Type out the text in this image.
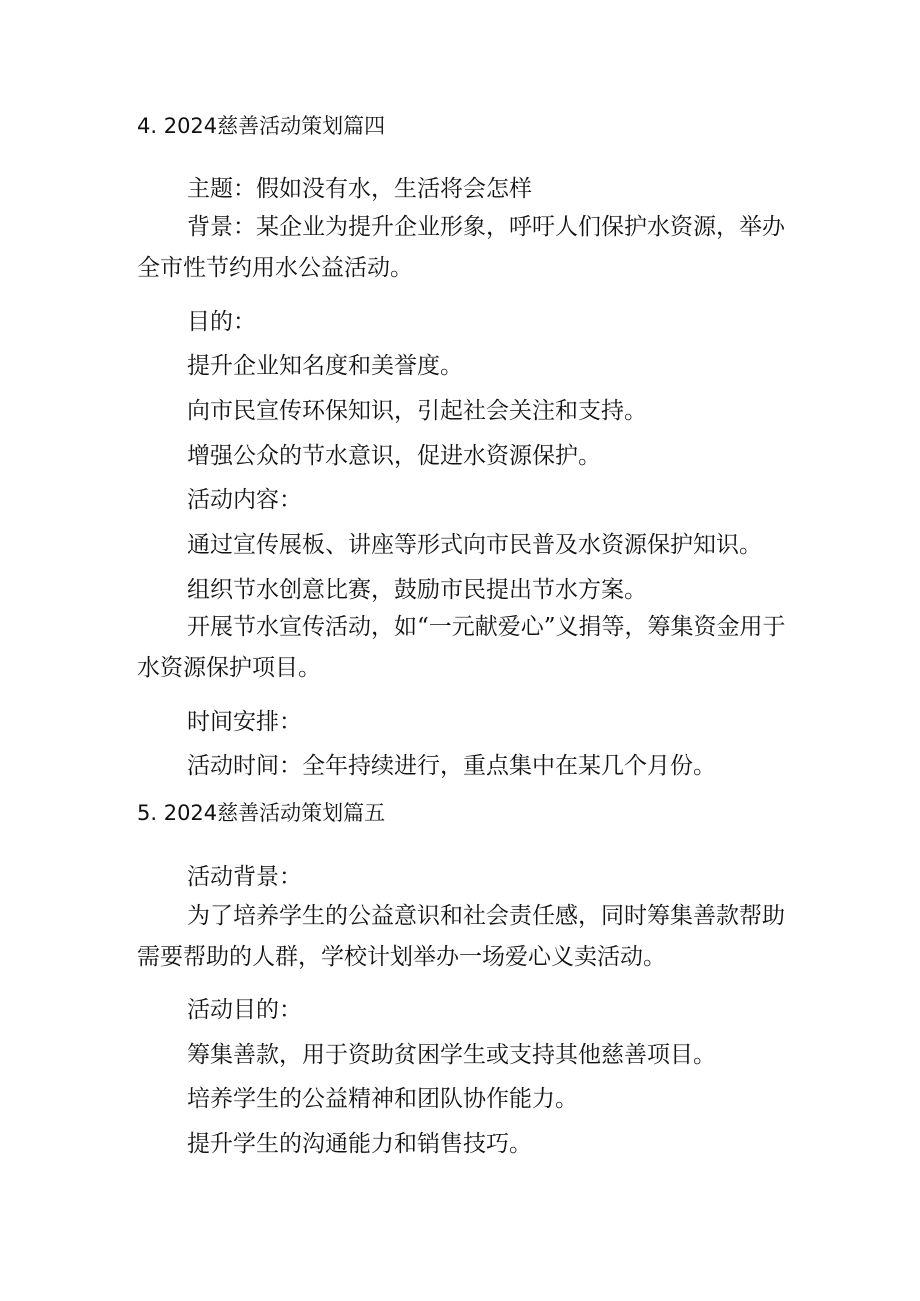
4. 2024慈善活动策划篇四
主题：假如没有水，生活将会怎样
背景：某企业为提升企业形象，呼吁人们保护水资源，举办全市性节约用水公益活动。
目的：
提升企业知名度和美誉度。
向市民宣传环保知识，引起社会关注和支持。
增强公众的节水意识，促进水资源保护。
活动内容：
通过宣传展板、讲座等形式向市民普及水资源保护知识。
组织节水创意比赛，鼓励市民提出节水方案。
开展节水宣传活动，如“一元献爱心”义捐等，筹集资金用于水资源保护项目。
时间安排：
活动时间：全年持续进行，重点集中在某几个月份。
5. 2024慈善活动策划篇五
活动背景：
为了培养学生的公益意识和社会责任感，同时筹集善款帮助需要帮助的人群，学校计划举办一场爱心义卖活动。
活动目的：
筹集善款，用于资助贫困学生或支持其他慈善项目。
培养学生的公益精神和团队协作能力。
提升学生的沟通能力和销售技巧。
